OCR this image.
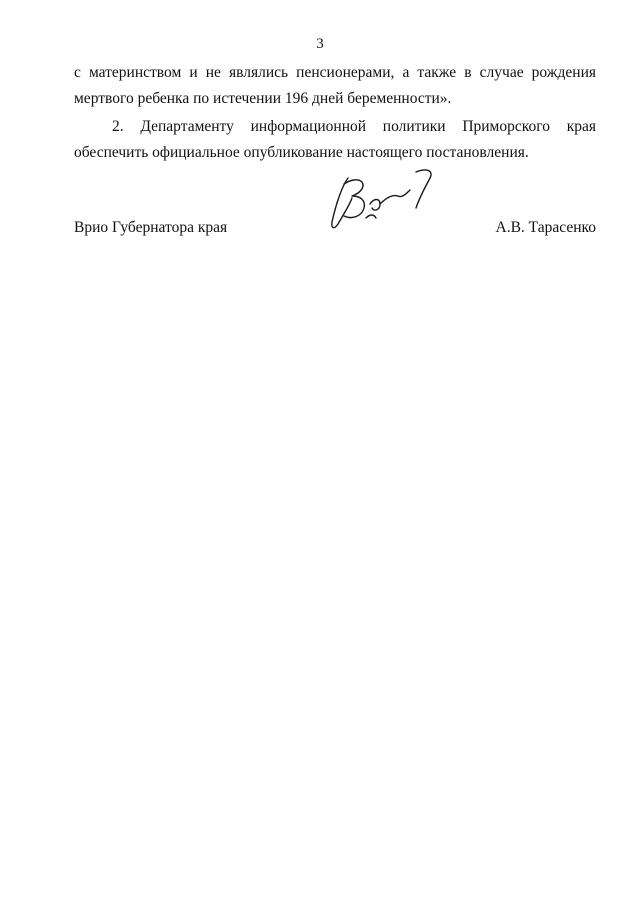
3

с материнством и не являлись пенсионерами, а также в случае рождения
мертвого ребенка по истечении 196 дней беременности».

2. Департаменту информационной политики Приморского края
обеспечить официальное опубликование настоящего постановления.

Врио Губернатора края	А.В. Тарасенко
